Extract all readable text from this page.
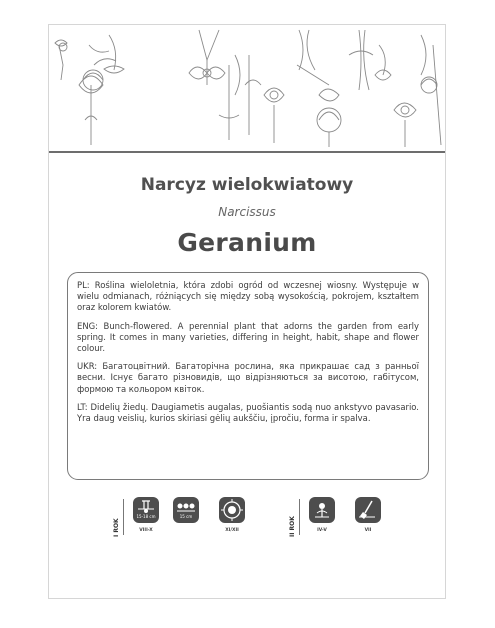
Narcyz wielokwiatowy
Narcissus
Geranium

PL: Roślina wieloletnia, która zdobi ogród od wczesnej wiosny. Występuje w wielu odmianach, różniących się między sobą wysokością, pokrojem, kształtem oraz kolorem kwiatów.

ENG: Bunch-flowered. A perennial plant that adorns the garden from early spring. It comes in many varieties, differing in height, habit, shape and flower colour.

UKR: Багатоцвітний. Багаторічна рослина, яка прикрашає сад з ранньої весни. Існує багато різновидів, що відрізняються за висотою, габітусом, формою та кольором квіток.

LT: Didelių žiedų. Daugiametis augalas, puošiantis sodą nuo ankstyvo pavasario. Yra daug veislių, kurios skiriasi gėlių aukščiu, įpročiu, forma ir spalva.

I ROK
15-18 cm
VIII-X
15 cm
XI/XII	II ROK	IV-V	VII
